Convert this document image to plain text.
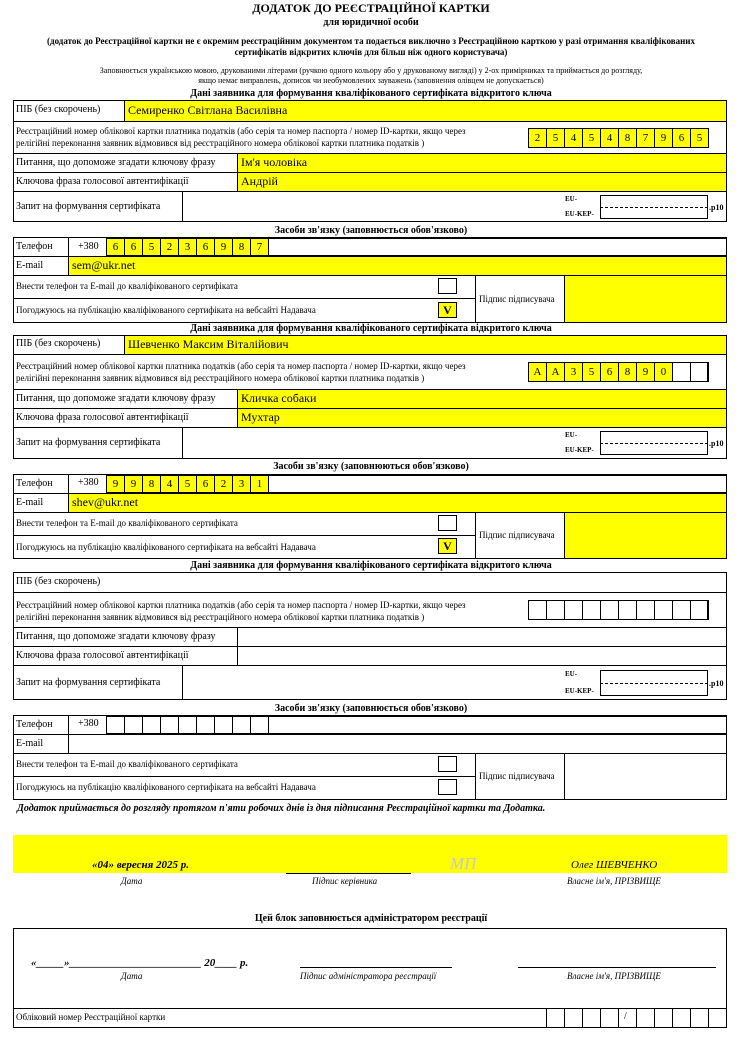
ДОДАТОК ДО РЕЄСТРАЦІЙНОЇ КАРТКИ
для юридичної особи
(додаток до Реєстраційної картки не є окремим реєстраційним документом та подається виключно з Реєстраційною карткою у разі отримання кваліфікованих
сертифікатів відкритих ключів для більш ніж одного користувача)
Заповнюється українською мовою, друкованими літерами (ручкою одного кольору або у друкованому вигляді) у 2-ох примірниках та приймається до розгляду,
якщо немає виправлень, дописок чи необумовлених зауважень (заповнення олівцем не допускається)
Дані заявника для формування кваліфікованого сертифіката відкритого ключа
ПІБ (без скорочень) Семиренко Світлана Василівна
Реєстраційний номер облікової картки платника податків (або серія та номер паспорта / номер ID-картки, якщо через
релігійні переконання заявник відмовився від реєстраційного номера облікової картки платника податків )	2	5	4	5	4	8	7	9	6	5
Питання, що допоможе згадати ключову фразу Ім'я чоловіка
Ключова фраза голосової автентифікації	Андрій
Запит на формування сертифіката
EU-
EU-KEP-
.p10
Засоби зв'язку (заповнюється обов'язково)
Телефон	+380	6	6	5	2	3	6	9	8	7
E-mail sem@ukr.net
Внести телефон та E-mail до кваліфікованого сертифіката
Погоджуюсь на публікацію кваліфікованого сертифіката на вебсайті Надавача	V
Підпис підписувача
Дані заявника для формування кваліфікованого сертифіката відкритого ключа
ПІБ (без скорочень) Шевченко Максим Віталійович
Реєстраційний номер облікової картки платника податків (або серія та номер паспорта / номер ID-картки, якщо через
релігійні переконання заявник відмовився від реєстраційного номера облікової картки платника податків )	А А	3	5	6	8	9	0
Питання, що допоможе згадати ключову фразу Кличка собаки
Ключова фраза голосової автентифікації	Мухтар
Запит на формування сертифіката
EU-
EU-KEP-
.p10
Засоби зв'язку (заповнюються обов'язково)
Телефон	+380	9	9	8	4	5	6	2	3	1
E-mail shev@ukr.net
Внести телефон та E-mail до кваліфікованого сертифіката
Погоджуюсь на публікацію кваліфікованого сертифіката на вебсайті Надавача	V
Підпис підписувача
Дані заявника для формування кваліфікованого сертифіката відкритого ключа
ПІБ (без скорочень)
Реєстраційний номер облікової картки платника податків (або серія та номер паспорта / номер ID-картки, якщо через
релігійні переконання заявник відмовився від реєстраційного номера облікової картки платника податків )
Питання, що допоможе згадати ключову фразу
Ключова фраза голосової автентифікації
Запит на формування сертифіката
EU-
EU-KEP-
.p10
Засоби зв'язку (заповнюється обов'язково)
Телефон	+380
E-mail
Внести телефон та E-mail до кваліфікованого сертифіката
Погоджуюсь на публікацію кваліфікованого сертифіката на вебсайті Надавача
Підпис підписувача
Додаток приймається до розгляду протягом п'яти робочих днів із дня підписання Реєстраційної картки та Додатка.
«04» вересня 2025 р.	МП	Олег ШЕВЧЕНКО
Дата	Підпис керівника	Власне ім'я, ПРІЗВИЩЕ
Цей блок заповнюється адміністратором реєстрації
«_____»________________________ 20____ р.
Дата	Підпис адміністратора реєстрації	Власне ім'я, ПРІЗВИЩЕ
Обліковий номер Реєстраційної картки	/
